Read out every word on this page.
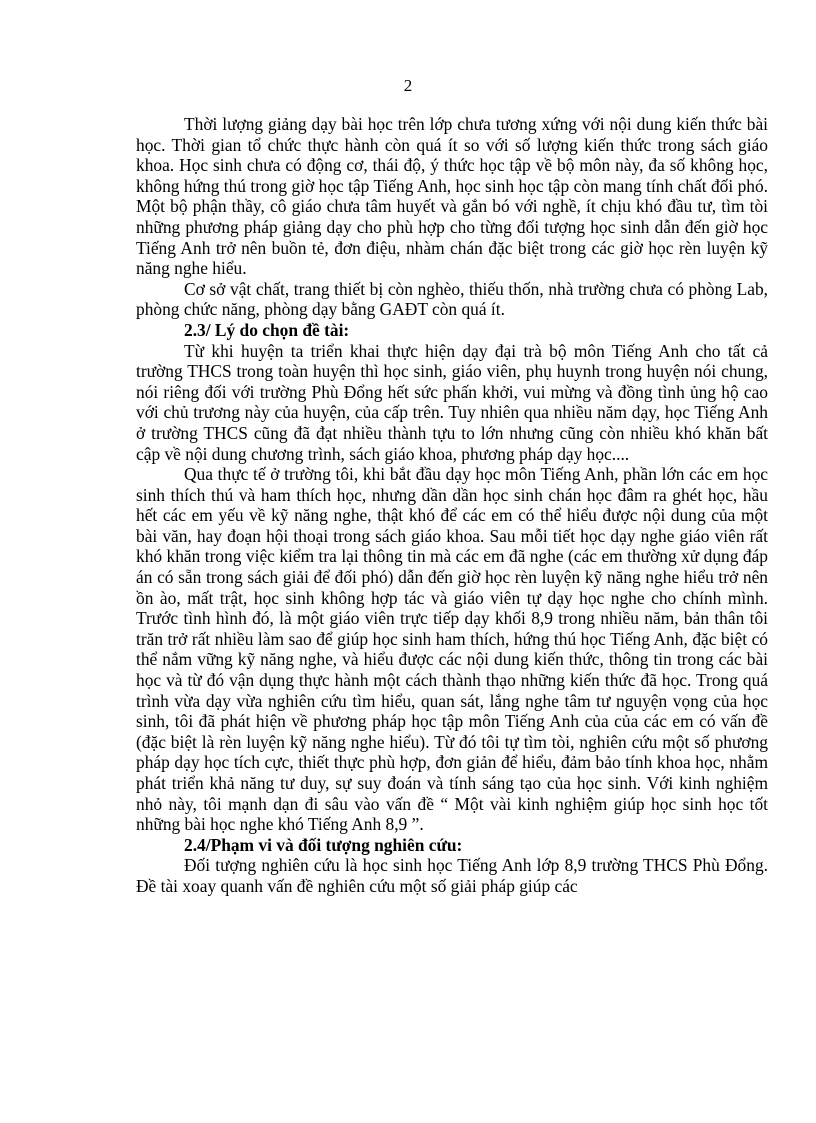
2

Thời lượng giảng dạy bài học trên lớp chưa tương xứng với nội dung kiến thức bài học. Thời gian tổ chức thực hành còn quá ít so với số lượng kiến thức trong sách giáo khoa. Học sinh chưa có động cơ, thái độ, ý thức học tập về bộ môn này, đa số không học, không hứng thú trong giờ học tập Tiếng Anh, học sinh học tập còn mang tính chất đối phó. Một bộ phận thầy, cô giáo chưa tâm huyết và gắn bó với nghề, ít chịu khó đầu tư, tìm tòi những phương pháp giảng dạy cho phù hợp cho từng đối tượng học sinh dẫn đến giờ học Tiếng Anh trở nên buồn tẻ, đơn điệu, nhàm chán đặc biệt trong các giờ học rèn luyện kỹ năng nghe hiểu.

Cơ sở vật chất, trang thiết bị còn nghèo, thiếu thốn, nhà trường chưa có phòng Lab, phòng chức năng, phòng dạy bằng GAĐT còn quá ít.

2.3/ Lý do chọn đề tài:

Từ khi huyện ta triển khai thực hiện dạy đại trà bộ môn Tiếng Anh cho tất cả trường THCS trong toàn huyện thì học sinh, giáo viên, phụ huynh trong huyện nói chung, nói riêng đối với trường Phù Đổng hết sức phấn khởi, vui mừng và đồng tình ủng hộ cao với chủ trương này của huyện, của cấp trên. Tuy nhiên qua nhiều năm dạy, học Tiếng Anh ở trường THCS cũng đã đạt nhiều thành tựu to lớn nhưng cũng còn nhiều khó khăn bất cập về nội dung chương trình, sách giáo khoa, phương pháp dạy học....

Qua thực tế ở trường tôi, khi bắt đầu dạy học môn Tiếng Anh, phần lớn các em học sinh thích thú và ham thích học, nhưng dần dần học sinh chán học đâm ra ghét học, hầu hết các em yếu về kỹ năng nghe, thật khó để các em có thể hiểu được nội dung của một bài văn, hay đoạn hội thoại trong sách giáo khoa. Sau mỗi tiết học dạy nghe giáo viên rất khó khăn trong việc kiểm tra lại thông tin mà các em đã nghe (các em thường xử dụng đáp án có sẵn trong sách giải để đối phó) dẫn đến giờ học rèn luyện kỹ năng nghe hiểu trở nên ồn ào, mất trật, học sinh không hợp tác và giáo viên tự dạy học nghe cho chính mình. Trước tình hình đó, là một giáo viên trực tiếp dạy khối 8,9 trong nhiều năm, bản thân tôi trăn trở rất nhiều làm sao để giúp học sinh ham thích, hứng thú học Tiếng Anh, đặc biệt có thể nắm vững kỹ năng nghe, và hiểu được các nội dung kiến thức, thông tin trong các bài học và từ đó vận dụng thực hành một cách thành thạo những kiến thức đã học. Trong quá trình vừa dạy vừa nghiên cứu tìm hiểu, quan sát, lắng nghe tâm tư nguyện vọng của học sinh, tôi đã phát hiện về phương pháp học tập môn Tiếng Anh của của các em có vấn đề (đặc biệt là rèn luyện kỹ năng nghe hiểu). Từ đó tôi tự tìm tòi, nghiên cứu một số phương pháp dạy học tích cực, thiết thực phù hợp, đơn giản để hiểu, đảm bảo tính khoa học, nhằm phát triển khả năng tư duy, sự suy đoán và tính sáng tạo của học sinh. Với kinh nghiệm nhỏ này, tôi mạnh dạn đi sâu vào vấn đề “ Một vài kinh nghiệm giúp học sinh học tốt những bài học nghe khó Tiếng Anh 8,9 ”.

2.4/Phạm vi và đối tượng nghiên cứu:

Đối tượng nghiên cứu là học sinh học Tiếng Anh lớp 8,9 trường THCS Phù Đổng. Đề tài xoay quanh vấn đề nghiên cứu một số giải pháp giúp các
